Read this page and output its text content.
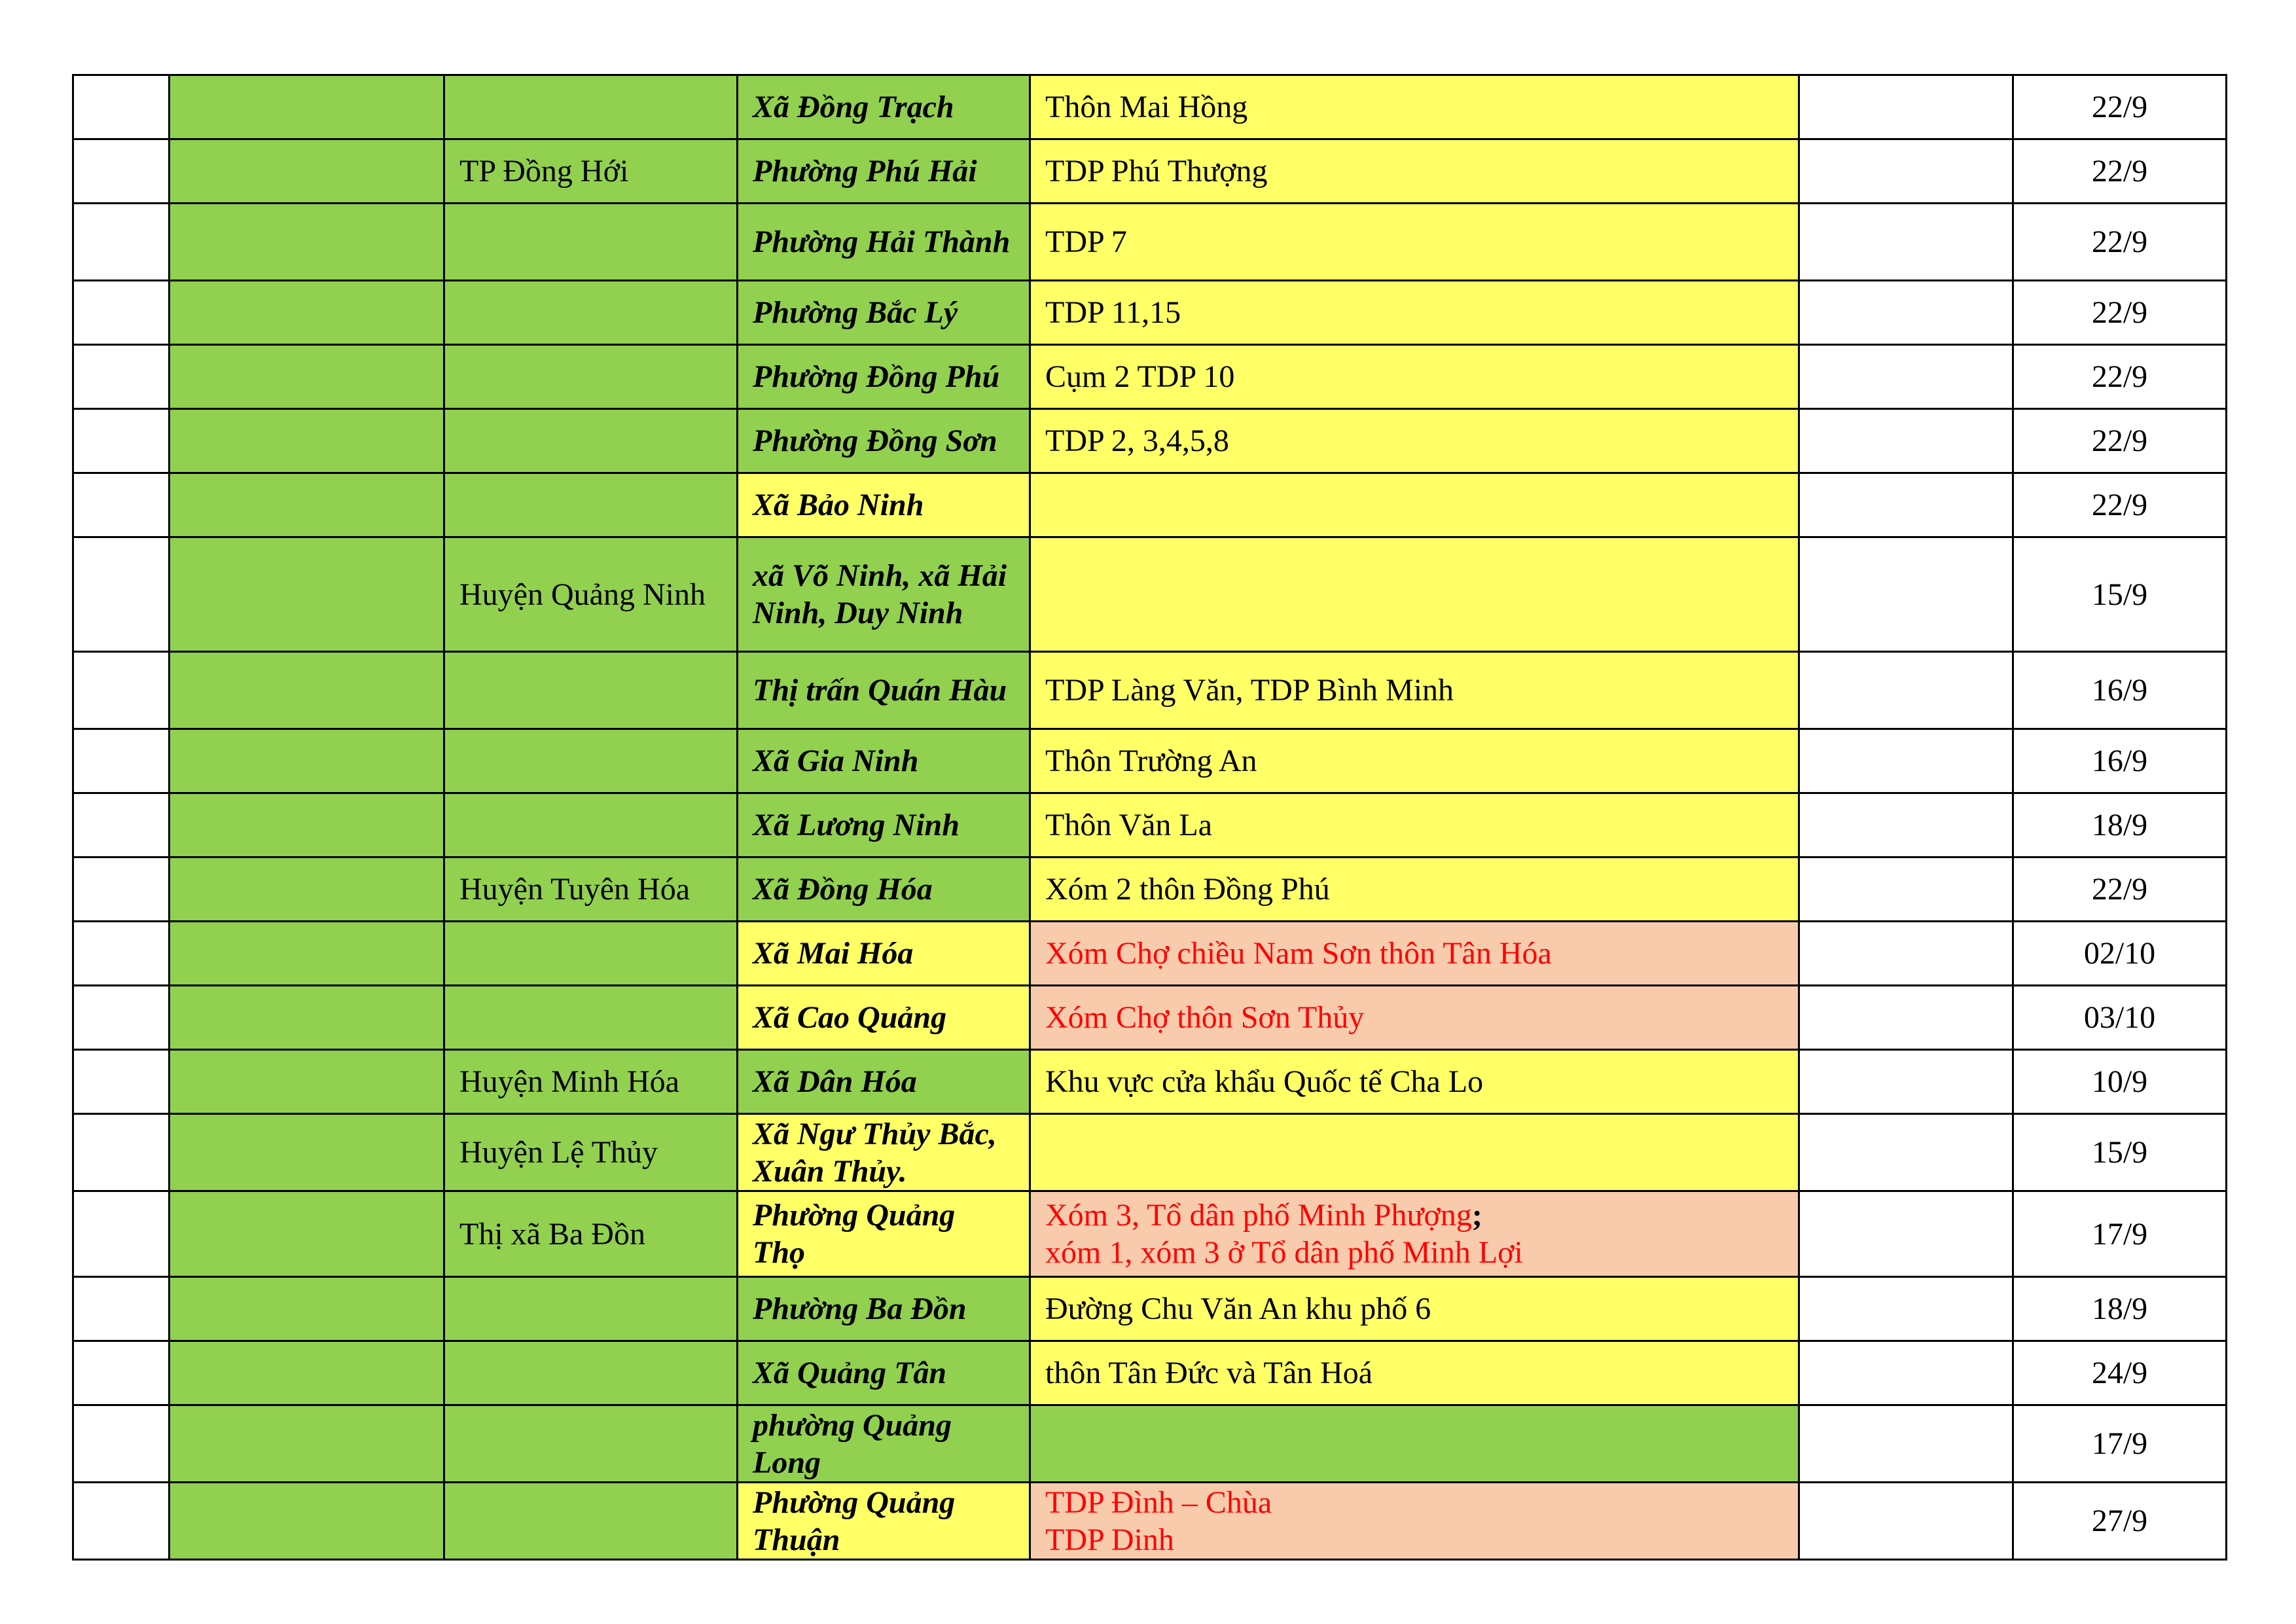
			Xã Đồng Trạch	Thôn Mai Hồng		22/9
		TP Đồng Hới	Phường Phú Hải	TDP Phú Thượng		22/9
			Phường Hải Thành	TDP 7		22/9
			Phường Bắc Lý	TDP 11,15		22/9
			Phường Đồng Phú	Cụm 2 TDP 10		22/9
			Phường Đồng Sơn	TDP 2, 3,4,5,8		22/9
			Xã Bảo Ninh			22/9
		Huyện Quảng Ninh	xã Võ Ninh, xã Hải Ninh, Duy Ninh			15/9
			Thị trấn Quán Hàu	TDP Làng Văn, TDP Bình Minh		16/9
			Xã Gia Ninh	Thôn Trường An		16/9
			Xã Lương Ninh	Thôn Văn La		18/9
		Huyện Tuyên Hóa	Xã Đồng Hóa	Xóm 2 thôn Đồng Phú		22/9
			Xã Mai Hóa	Xóm Chợ chiều Nam Sơn thôn Tân Hóa		02/10
			Xã Cao Quảng	Xóm Chợ thôn Sơn Thủy		03/10
		Huyện Minh Hóa	Xã Dân Hóa	Khu vực cửa khẩu Quốc tế Cha Lo		10/9
		Huyện Lệ Thủy	Xã Ngư Thủy Bắc, Xuân Thủy.			15/9
		Thị xã Ba Đồn	Phường Quảng Thọ	Xóm 3, Tổ dân phố Minh Phượng;
xóm 1, xóm 3 ở Tổ dân phố Minh Lợi		17/9
			Phường Ba Đồn	Đường Chu Văn An khu phố 6		18/9
			Xã Quảng Tân	thôn Tân Đức và Tân Hoá		24/9
			phường Quảng Long			17/9
			Phường Quảng Thuận	TDP Đình – Chùa
TDP Dinh		27/9
